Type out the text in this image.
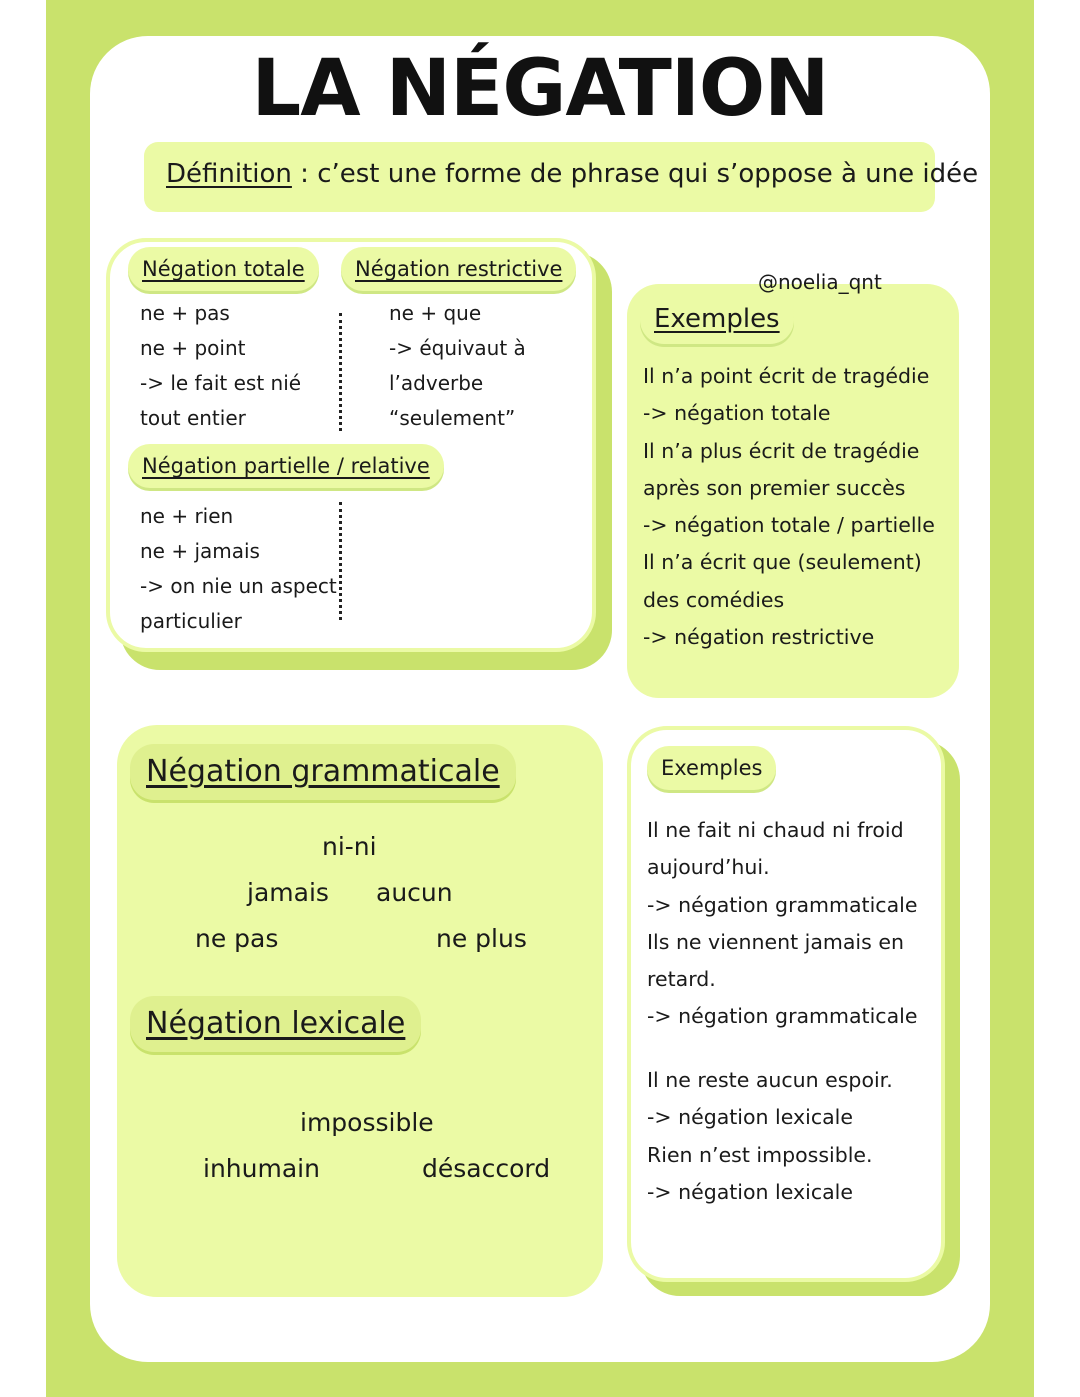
LA NÉGATION
Définition : c’est une forme de phrase qui s’oppose à une idée
Négation totale
ne + pas
ne + point
-> le fait est nié
tout entier
Négation restrictive
ne + que
-> équivaut à
l’adverbe
“seulement”
Négation partielle / relative
ne + rien
ne + jamais
-> on nie un aspect
particulier
@noelia_qnt
Exemples
Il n’a point écrit de tragédie
-> négation totale
Il n’a plus écrit de tragédie
après son premier succès
-> négation totale / partielle
Il n’a écrit que (seulement)
des comédies
-> négation restrictive
Négation grammaticale
ni-ni
jamais aucun
ne pas	ne plus
Négation lexicale
impossible
inhumain	désaccord
Exemples
Il ne fait ni chaud ni froid
aujourd’hui.
-> négation grammaticale
Ils ne viennent jamais en
retard.
-> négation grammaticale
Il ne reste aucun espoir.
-> négation lexicale
Rien n’est impossible.
-> négation lexicale
